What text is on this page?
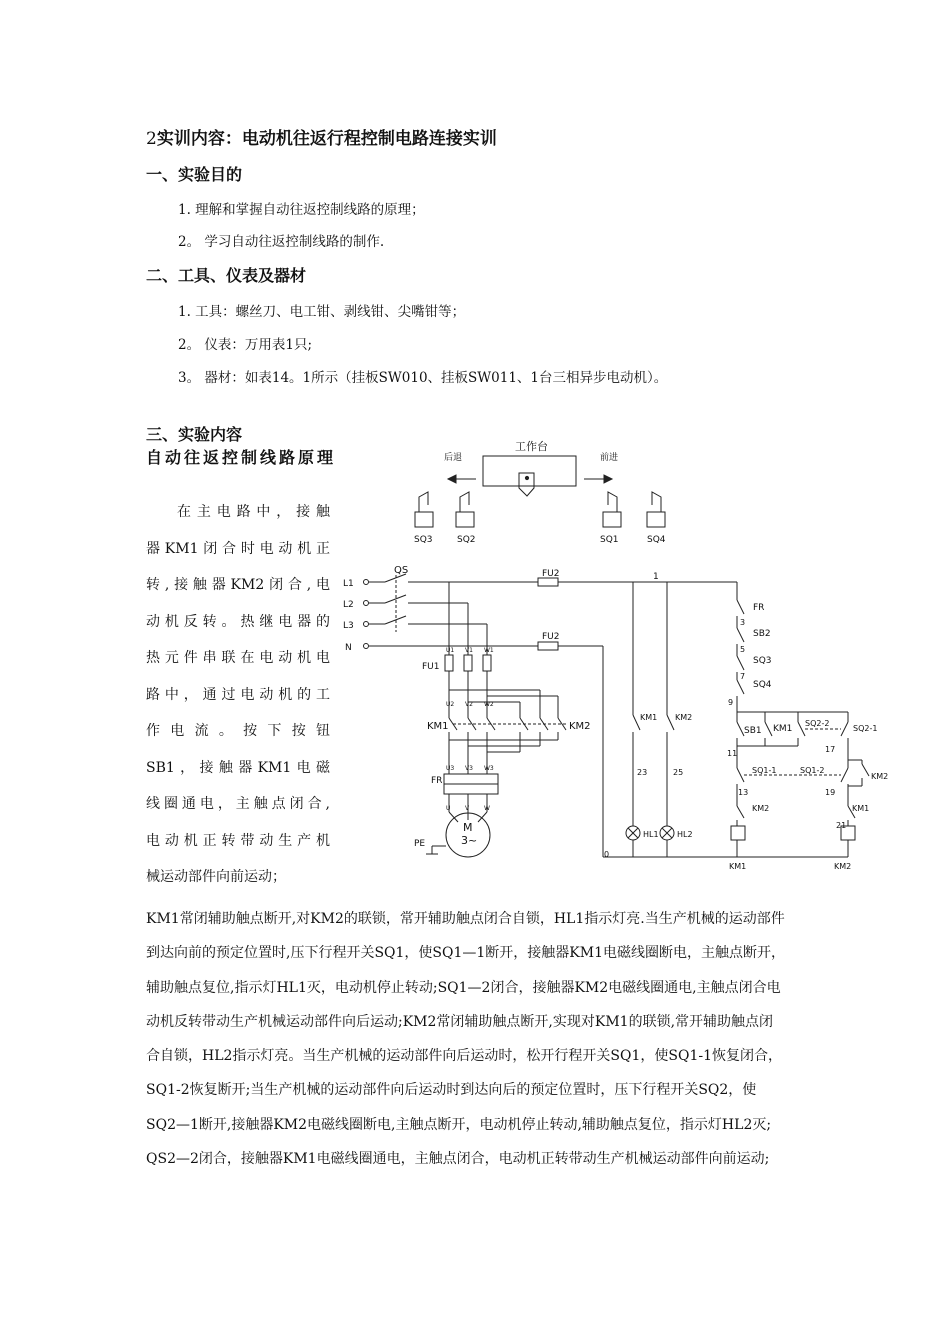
2实训内容：电动机往返行程控制电路连接实训
一、实验目的
1. 理解和掌握自动往返控制线路的原理；
2。 学习自动往返控制线路的制作.
二、工具、仪表及器材
1. 工具：螺丝刀、电工钳、剥线钳、尖嘴钳等；
2。 仪表：万用表1只;
3。 器材：如表14。1所示（挂板SW010、挂板SW011、1台三相异步电动机）。
三、实验内容
自动往返控制线路原理
在主电路中，接触
器KM1闭合时电动机正
转,接触器KM2闭合,电
动机反转。热继电器的
热元件串联在电动机电
路中，通过电动机的工
作电流。按下按钮
SB1，接触器KM1电磁
线圈通电，主触点闭合,
电动机正转带动生产机
械运动部件向前运动；
KM1常闭辅助触点断开,对KM2的联锁，常开辅助触点闭合自锁，HL1指示灯亮.当生产机械的运动部件
到达向前的预定位置时,压下行程开关SQ1，使SQ1—1断开，接触器KM1电磁线圈断电，主触点断开，
辅助触点复位,指示灯HL1灭，电动机停止转动;SQ1—2闭合，接触器KM2电磁线圈通电,主触点闭合电
动机反转带动生产机械运动部件向后运动;KM2常闭辅助触点断开,实现对KM1的联锁,常开辅助触点闭
合自锁，HL2指示灯亮。当生产机械的运动部件向后运动时，松开行程开关SQ1，使SQ1-1恢复闭合，
SQ1-2恢复断开;当生产机械的运动部件向后运动时到达向后的预定位置时，压下行程开关SQ2，使
SQ2—1断开,接触器KM2电磁线圈断电,主触点断开，电动机停止转动,辅助触点复位，指示灯HL2灭;
QS2—2闭合，接触器KM1电磁线圈通电，主触点闭合，电动机正转带动生产机械运动部件向前运动;
工作台
后退	前进
SQ3	SQ2	SQ1	SQ4
QS
L1
L2
L3
N
FU2
FU2
FU1
KM1	KM2
FR
M
3~
PE
U1 V1 W1
U2 V2 W2
U3 V3 W3
U V W
1
0
3
5
7
9
11
13
17
19
21
23	25
FR
SB2
SQ3
SQ4
SB1 KM1
SQ2-2
SQ2-1
SQ1-1	SQ1-2
KM2
KM2	KM1
KM1 KM2
HL1 HL2
KM1	KM2
